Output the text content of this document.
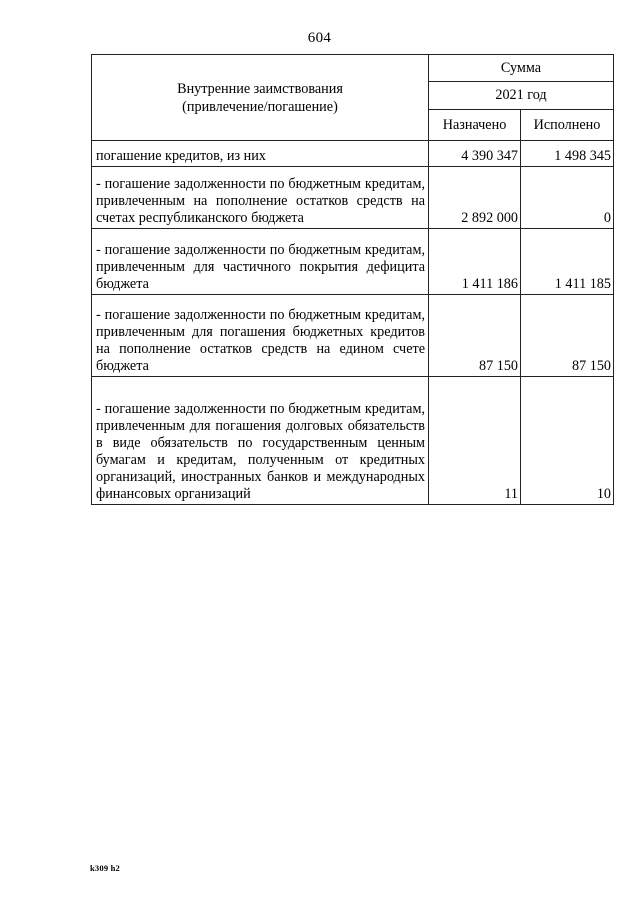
604
Внутренние заимствования
(привлечение/погашение)	Сумма	
	2021 год	
	Назначено	Исполнено
погашение кредитов, из них	4 390 347	1 498 345
- погашение задолженности по бюджетным кредитам, привлеченным на пополнение остатков средств на счетах республиканского бюджета	2 892 000	0
- погашение задолженности по бюджетным кредитам, привлеченным для частичного покрытия дефицита бюджета	1 411 186	1 411 185
- погашение задолженности по бюджетным кредитам, привлеченным для погашения бюджетных кредитов на пополнение остатков средств на едином счете бюджета	87 150	87 150
- погашение задолженности по бюджетным кредитам, привлеченным для погашения долговых обязательств в виде обязательств по государственным ценным бумагам и кредитам, полученным от кредитных организаций, иностранных банков и международных финансовых организаций	11	10
k309 h2
